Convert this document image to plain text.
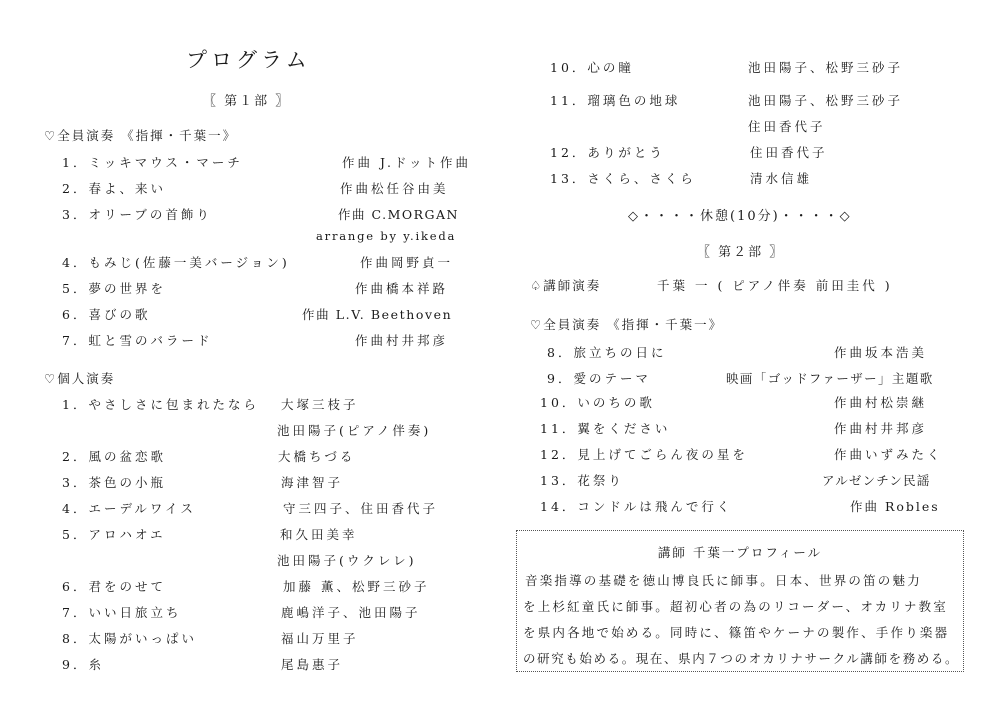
プログラム
〖 第１部 〗
♡全員演奏 《指揮・千葉一》
1．ミッキマウス・マーチ	作曲 J.ドット作曲
2．春よ、来い	作曲松任谷由美
3．オリーブの首飾り	作曲 C.MORGAN
arrange by y.ikeda
4．もみじ(佐藤一美バージョン)	作曲岡野貞一
5．夢の世界を	作曲橋本祥路
6．喜びの歌	作曲 L.V. Beethoven
7．虹と雪のバラード	作曲村井邦彦
♡個人演奏
1．やさしさに包まれたなら 大塚三枝子
池田陽子(ピアノ伴奏)
2．風の盆恋歌	大橋ちづる
3．茶色の小瓶	海津智子
4．エーデルワイス	守三四子、住田香代子
5．アロハオエ	和久田美幸
池田陽子(ウクレレ)
6．君をのせて	加藤 薫、松野三砂子
7．いい日旅立ち	鹿嶋洋子、池田陽子
8．太陽がいっぱい	福山万里子
9．糸	尾島惠子
10．心の瞳	池田陽子、松野三砂子
11．瑠璃色の地球	池田陽子、松野三砂子
住田香代子
12．ありがとう	住田香代子
13．さくら、さくら	清水信雄
◇・・・・休憩(10分)・・・・◇
〖 第２部 〗
♤講師演奏	千葉 一 ( ピアノ伴奏 前田圭代 )
♡全員演奏 《指揮・千葉一》
8．旅立ちの日に	作曲坂本浩美
9．愛のテーマ	映画「ゴッドファーザー」主題歌
10．いのちの歌	作曲村松崇継
11．翼をください	作曲村井邦彦
12．見上げてごらん夜の星を	作曲いずみたく
13．花祭り	アルゼンチン民謡
14．コンドルは飛んで行く	作曲 Robles
講師 千葉一プロフィール
音楽指導の基礎を徳山博良氏に師事。日本、世界の笛の魅力
を上杉紅童氏に師事。超初心者の為のリコーダー、オカリナ教室
を県内各地で始める。同時に、篠笛やケーナの製作、手作り楽器
の研究も始める。現在、県内７つのオカリナサークル講師を務める。
